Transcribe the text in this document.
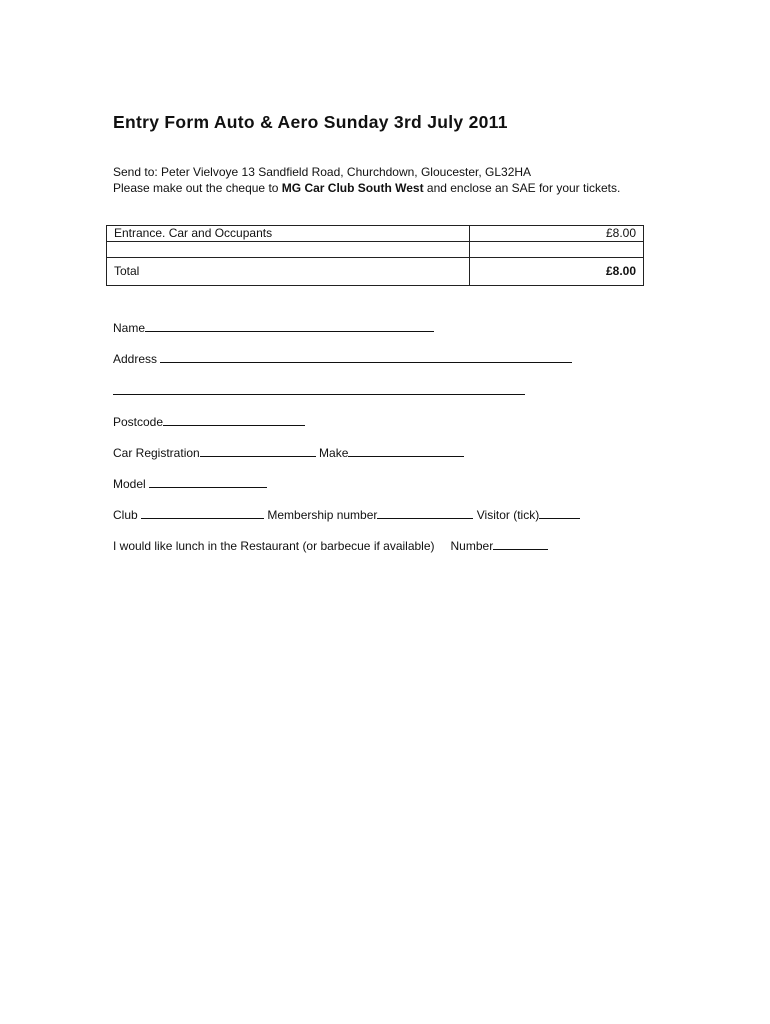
Entry Form Auto & Aero Sunday 3rd July 2011
Send to: Peter Vielvoye 13 Sandfield Road, Churchdown, Gloucester, GL32HA
Please make out the cheque to MG Car Club South West and enclose an SAE for your tickets.
Entrance. Car and Occupants	£8.00

Total	£8.00
Name
Address
Postcode
Car Registration	Make
Model
Club	Membership number	Visitor (tick)
I would like lunch in the Restaurant (or barbecue if available) Number
